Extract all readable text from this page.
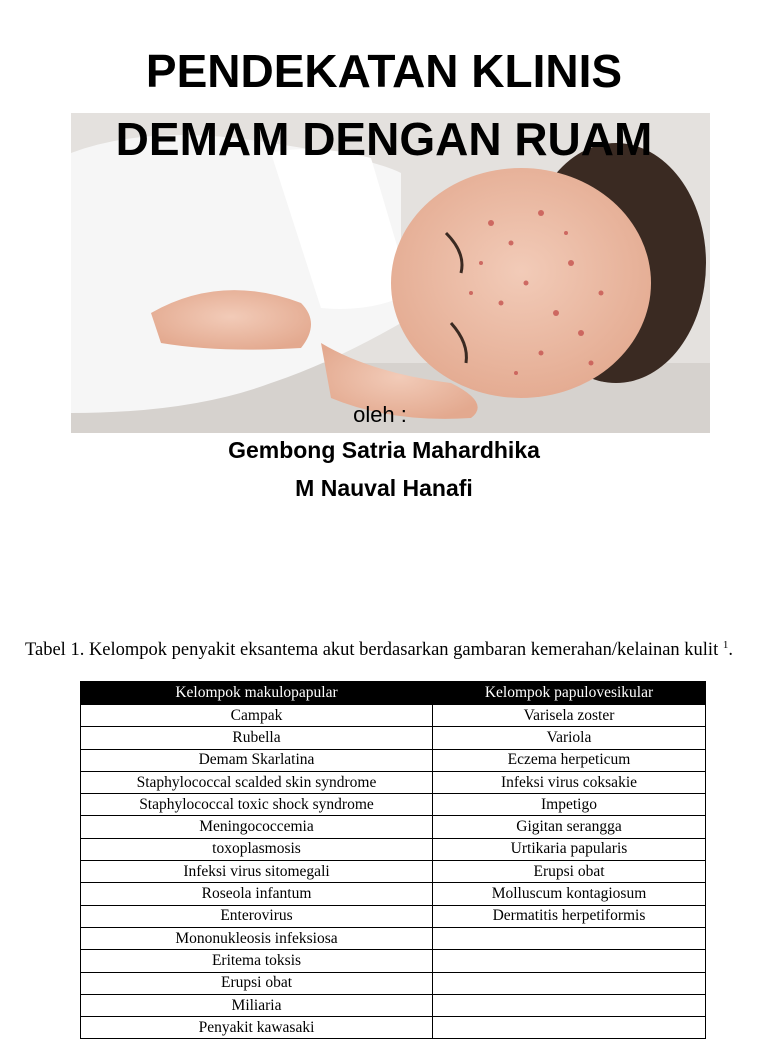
PENDEKATAN KLINIS
DEMAM DENGAN RUAM
oleh :
Gembong Satria Mahardhika
M Nauval Hanafi
Tabel 1. Kelompok penyakit eksantema akut berdasarkan gambaran kemerahan/kelainan kulit $^1$.
Kelompok makulopapular	Kelompok papulovesikular
Campak	Varisela zoster
Rubella	Variola
Demam Skarlatina	Eczema herpeticum
Staphylococcal scalded skin syndrome	Infeksi virus coksakie
Staphylococcal toxic shock syndrome	Impetigo
Meningococcemia	Gigitan serangga
toxoplasmosis	Urtikaria papularis
Infeksi virus sitomegali	Erupsi obat
Roseola infantum	Molluscum kontagiosum
Enterovirus	Dermatitis herpetiformis
Mononukleosis infeksiosa	
Eritema toksis	
Erupsi obat	
Miliaria	
Penyakit kawasaki	
